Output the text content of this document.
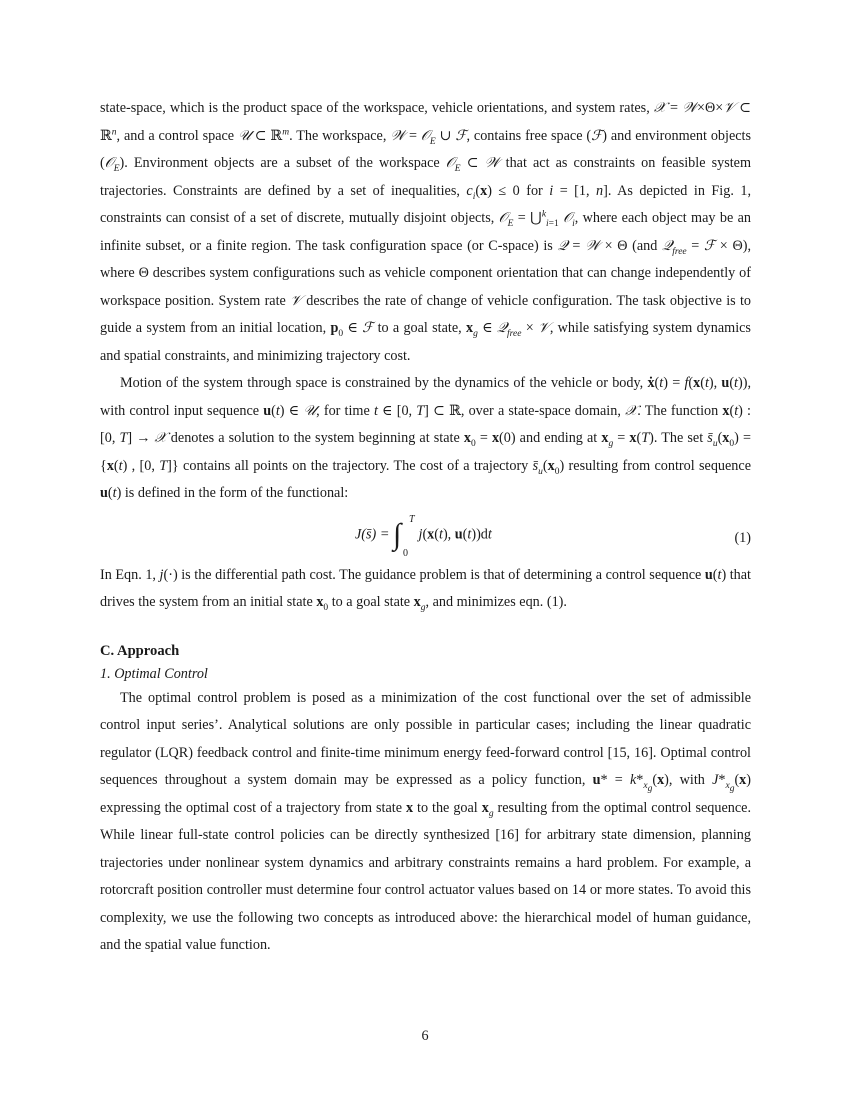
state-space, which is the product space of the workspace, vehicle orientations, and system rates, 𝒳 = 𝒲×Θ×𝒱 ⊂ ℝ$^n$, and a control space 𝒰 ⊂ ℝ$^m$. The workspace, 𝒲 = 𝒪$_E$ ∪ ℱ, contains free space (ℱ) and environment objects (𝒪$_E$). Environment objects are a subset of the workspace 𝒪$_E$ ⊂ 𝒲 that act as constraints on feasible system trajectories. Constraints are defined by a set of inequalities, $c_i(x) \le 0$ for i = [1, n]. As depicted in Fig. 1, constraints can consist of a set of discrete, mutually disjoint objects, 𝒪$_E$ = ⋃$^k_{i=1}$ 𝒪$_i$, where each object may be an infinite subset, or a finite region. The task configuration space (or C-space) is 𝒬 = 𝒲 × Θ (and 𝒬$_{free}$ = ℱ × Θ), where Θ describes system configurations such as vehicle component orientation that can change independently of workspace position. System rate 𝒱 describes the rate of change of vehicle configuration. The task objective is to guide a system from an initial location, $p_0$ ∈ ℱ to a goal state, $x_g$ ∈ 𝒬$_{free}$ × 𝒱, while satisfying system dynamics and spatial constraints, and minimizing trajectory cost.

Motion of the system through space is constrained by the dynamics of the vehicle or body, ẋ(t) = f(x(t), u(t)), with control input sequence u(t) ∈ 𝒰, for time t ∈ [0, T] ⊂ ℝ, over a state-space domain, 𝒳. The function x(t) : [0, T] → 𝒳 denotes a solution to the system beginning at state $x_0 = x(0)$ and ending at $x_g = x(T)$. The set $s̄_u(x_0) = \{x(t)$ , [0, T]} contains all points on the trajectory. The cost of a trajectory $s̄_u(x_0)$ resulting from control sequence u(t) is defined in the form of the functional:

J(s̄) = ∫ T
0
j(x(t), u(t))dt	(1)

In Eqn. 1, j(·) is the differential path cost. The guidance problem is that of determining a control sequence u(t) that drives the system from an initial state $x_0$ to a goal state $x_g$, and minimizes eqn. (1).

C. Approach
1. Optimal Control

The optimal control problem is posed as a minimization of the cost functional over the set of admissible control input series’. Analytical solutions are only possible in particular cases; including the linear quadratic regulator (LQR) feedback control and finite-time minimum energy feed-forward control [15, 16]. Optimal control sequences throughout a system domain may be expressed as a policy function, $u* = k*_{x_g}(x)$, with $J*_{x_g}(x)$ expressing the optimal cost of a trajectory from state x to the goal $x_g$ resulting from the optimal control sequence. While linear full-state control policies can be directly synthesized [16] for arbitrary state dimension, planning trajectories under nonlinear system dynamics and arbitrary constraints remains a hard problem. For example, a rotorcraft position controller must determine four control actuator values based on 14 or more states. To avoid this complexity, we use the following two concepts as introduced above: the hierarchical model of human guidance, and the spatial value function.

6
